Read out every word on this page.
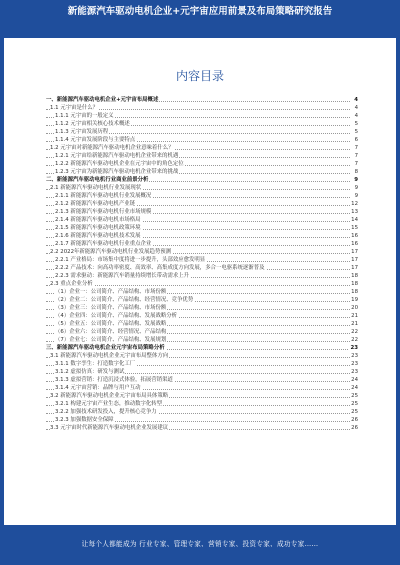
新能源汽车驱动电机企业+元宇宙应用前景及布局策略研究报告
内容目录
一、新能源汽车驱动电机企业+元宇宙布局概述	4
1.1 元宇宙是什么？	4
1.1.1 元宇宙的一般定义	4
1.1.2 元宇宙相关核心技术概述	5
1.1.3 元宇宙发展历程	5
1.1.4 元宇宙发展阶段与主要特点	6
1.2 元宇宙对新能源汽车驱动电机企业意味着什么？	7
1.2.1 元宇宙给新能源汽车驱动电机企业带来的机遇	7
1.2.2 新能源汽车驱动电机企业在元宇宙中的角色定位	7
1.2.3 元宇宙为新能源汽车驱动电机企业带来的挑战	8
二、新能源汽车驱动电机行业商业前景分析	9
2.1 新能源汽车驱动电机行业发展现状	9
2.1.1 新能源汽车驱动电机行业发展概况	9
2.1.2 新能源汽车驱动电机产业链	12
2.1.3 新能源汽车驱动电机行业市场规模	13
2.1.4 新能源汽车驱动电机市场格局	14
2.1.5 新能源汽车驱动电机政策环境	15
2.1.6 新能源汽车驱动电机技术发展	16
2.1.7 新能源汽车驱动电机行业重点企业	16
2.2 2022年新能源汽车驱动电机行业发展趋势预测	17
2.2.1 产业格局：市场集中度将进一步提升，头部效应愈发明显	17
2.2.2 产品技术：向高功率密度、高效率、高集成度方向发展，多合一电驱系统逐渐普及	17
2.2.3 需求驱动：新能源汽车销量持续增长带动需求上升	18
2.3 重点企业分析	18
（1）企业一：公司简介、产品结构、市场份额	18
（2）企业二：公司简介、产品结构、经营情况、竞争优势	19
（3）企业三：公司简介、产品结构、市场份额	20
（4）企业四：公司简介、产品结构、发展战略分析	21
（5）企业五：公司简介、产品结构、发展战略	21
（6）企业六：公司简介、经营情况、产品结构	22
（7）企业七：公司简介、产品结构、发展规划	22
三、新能源汽车驱动电机企业元宇宙布局策略分析	23
3.1 新能源汽车驱动电机企业元宇宙布局整体方向	23
3.1.1 数字孪生：打造数字化工厂	23
3.1.2 虚拟仿真：研发与测试	23
3.1.3 虚拟营销：打造沉浸式体验，拓展营销渠道	24
3.1.4 元宇宙营销：品牌与用户互动	24
3.2 新能源汽车驱动电机企业元宇宙布局具体策略	25
3.2.1 构建元宇宙产业生态，推动数字化转型	25
3.2.2 加强技术研发投入，提升核心竞争力	25
3.2.3 加强数据安全保障	26
3.3 元宇宙时代新能源汽车驱动电机企业发展建议	26
让每个人都能成为 行业专家、管理专家、营销专家、投资专家、成功专家……
